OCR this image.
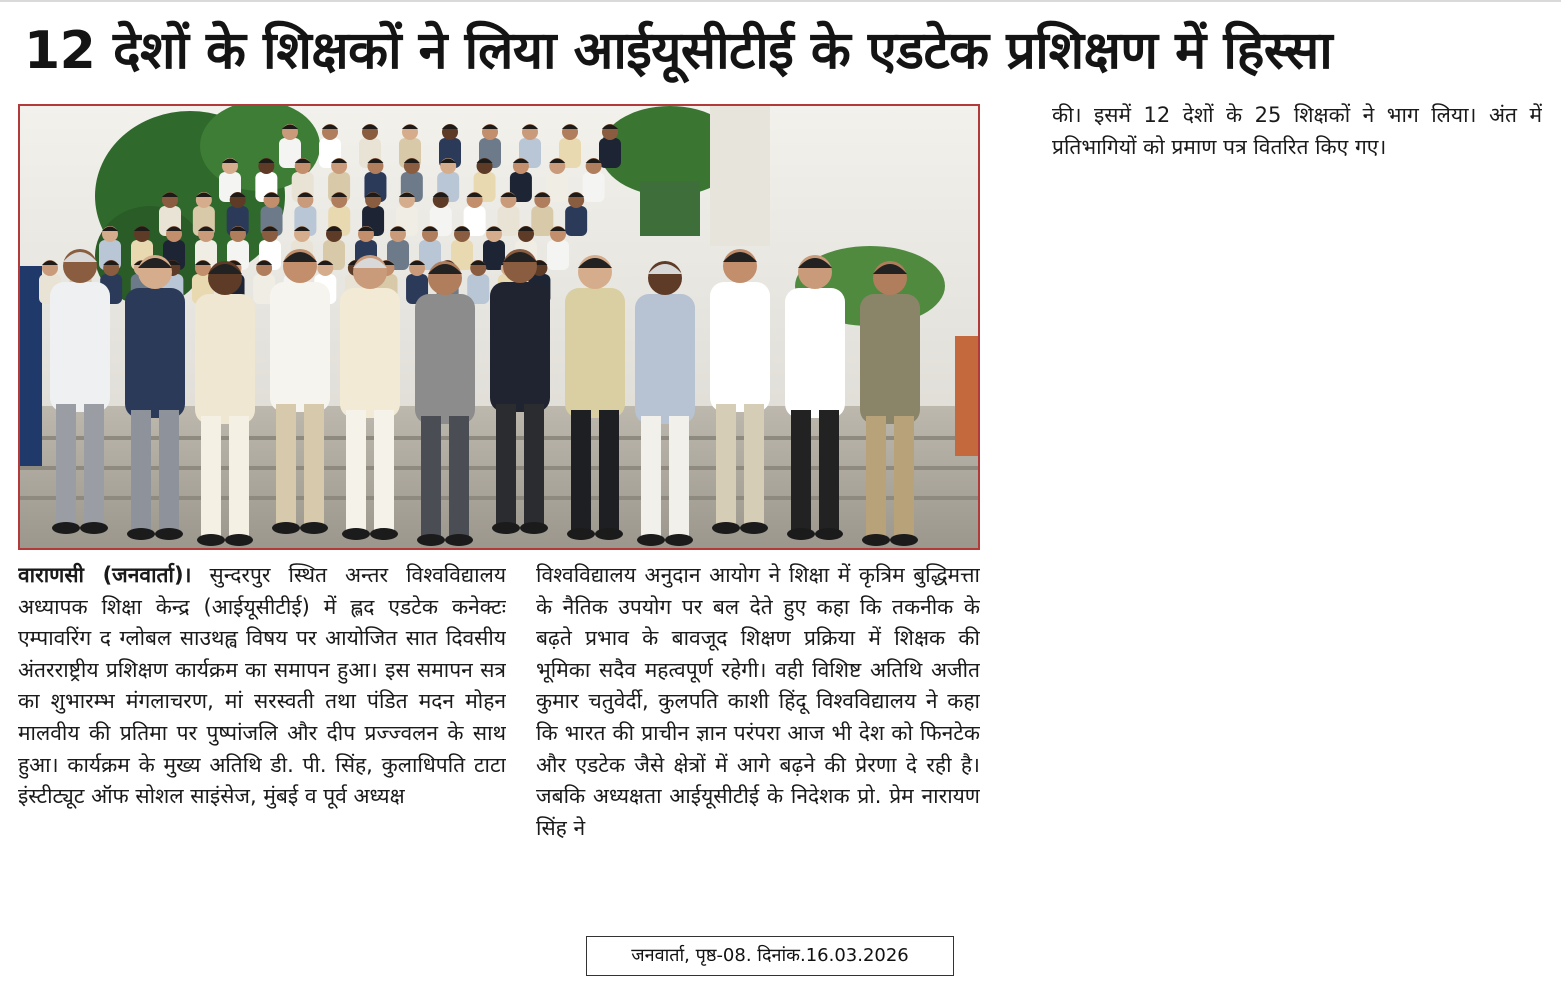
12 देशों के शिक्षकों ने लिया आईयूसीटीई के एडटेक प्रशिक्षण में हिस्सा
वाराणसी (जनवार्ता)। सुन्दरपुर स्थित अन्तर विश्वविद्यालय अध्यापक शिक्षा केन्द्र (आईयूसीटीई) में ह्लद एडटेक कनेक्टः एम्पावरिंग द ग्लोबल साउथह्व विषय पर आयोजित सात दिवसीय अंतरराष्ट्रीय प्रशिक्षण कार्यक्रम का समापन हुआ। इस समापन सत्र का शुभारम्भ मंगलाचरण, मां सरस्वती तथा पंडित मदन मोहन मालवीय की प्रतिमा पर पुष्पांजलि और दीप प्रज्ज्वलन के साथ हुआ। कार्यक्रम के मुख्य अतिथि डी. पी. सिंह, कुलाधिपति टाटा इंस्टीट्यूट ऑफ सोशल साइंसेज, मुंबई व पूर्व अध्यक्ष
विश्वविद्यालय अनुदान आयोग ने शिक्षा में कृत्रिम बुद्धिमत्ता के नैतिक उपयोग पर बल देते हुए कहा कि तकनीक के बढ़ते प्रभाव के बावजूद शिक्षण प्रक्रिया में शिक्षक की भूमिका सदैव महत्वपूर्ण रहेगी। वही विशिष्ट अतिथि अजीत कुमार चतुवेर्दी, कुलपति काशी हिंदू विश्वविद्यालय ने कहा कि भारत की प्राचीन ज्ञान परंपरा आज भी देश को फिनटेक और एडटेक जैसे क्षेत्रों में आगे बढ़ने की प्रेरणा दे रही है। जबकि अध्यक्षता आईयूसीटीई के निदेशक प्रो. प्रेम नारायण सिंह ने
की। इसमें 12 देशों के 25 शिक्षकों ने भाग लिया। अंत में प्रतिभागियों को प्रमाण पत्र वितरित किए गए।
जनवार्ता, पृष्ठ-08. दिनांक.16.03.2026
